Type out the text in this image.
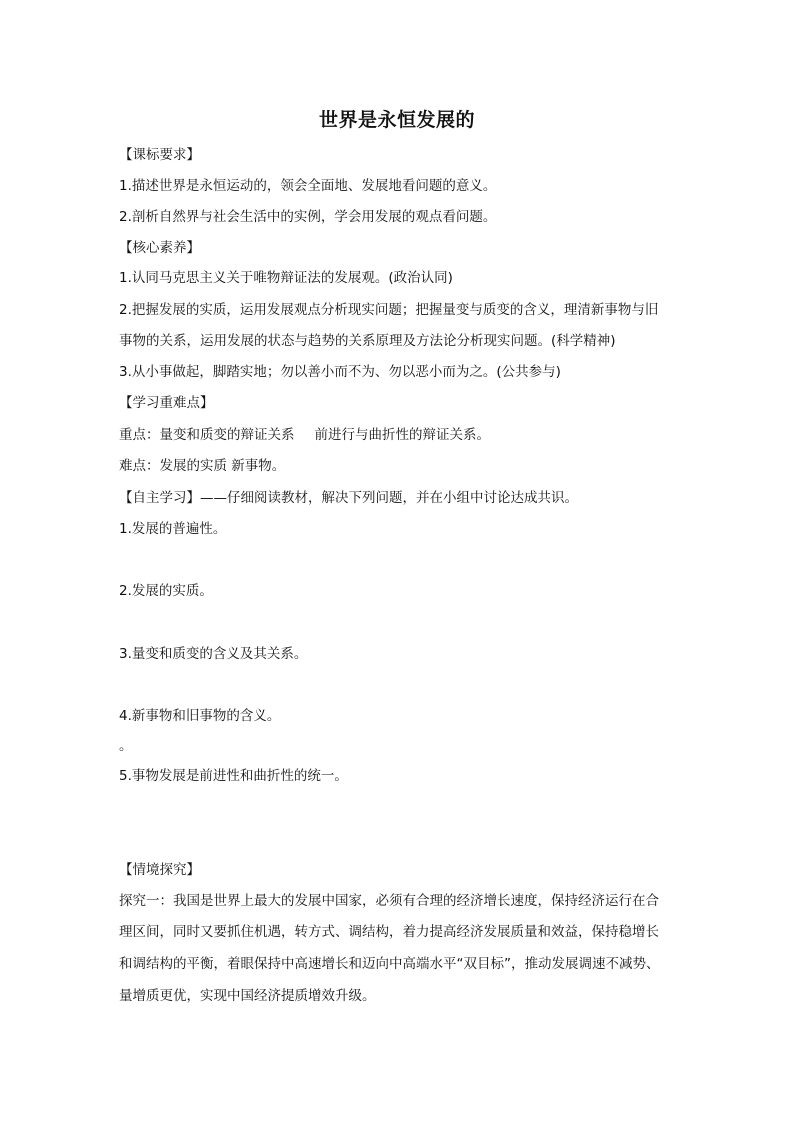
世界是永恒发展的
【课标要求】
1.描述世界是永恒运动的，领会全面地、发展地看问题的意义。
2.剖析自然界与社会生活中的实例，学会用发展的观点看问题。
【核心素养】
1.认同马克思主义关于唯物辩证法的发展观。(政治认同)
2.把握发展的实质，运用发展观点分析现实问题；把握量变与质变的含义，理清新事物与旧
事物的关系，运用发展的状态与趋势的关系原理及方法论分析现实问题。(科学精神)
3.从小事做起，脚踏实地；勿以善小而不为、勿以恶小而为之。(公共参与)
【学习重难点】
重点：量变和质变的辩证关系 前进行与曲折性的辩证关系。
难点：发展的实质 新事物。
【自主学习】——仔细阅读教材，解决下列问题，并在小组中讨论达成共识。
1.发展的普遍性。
2.发展的实质。
3.量变和质变的含义及其关系。
4.新事物和旧事物的含义。
。
5.事物发展是前进性和曲折性的统一。
【情境探究】
探究一：我国是世界上最大的发展中国家，必须有合理的经济增长速度，保持经济运行在合
理区间，同时又要抓住机遇，转方式、调结构，着力提高经济发展质量和效益，保持稳增长
和调结构的平衡，着眼保持中高速增长和迈向中高端水平“双目标”，推动发展调速不减势、
量增质更优，实现中国经济提质增效升级。
